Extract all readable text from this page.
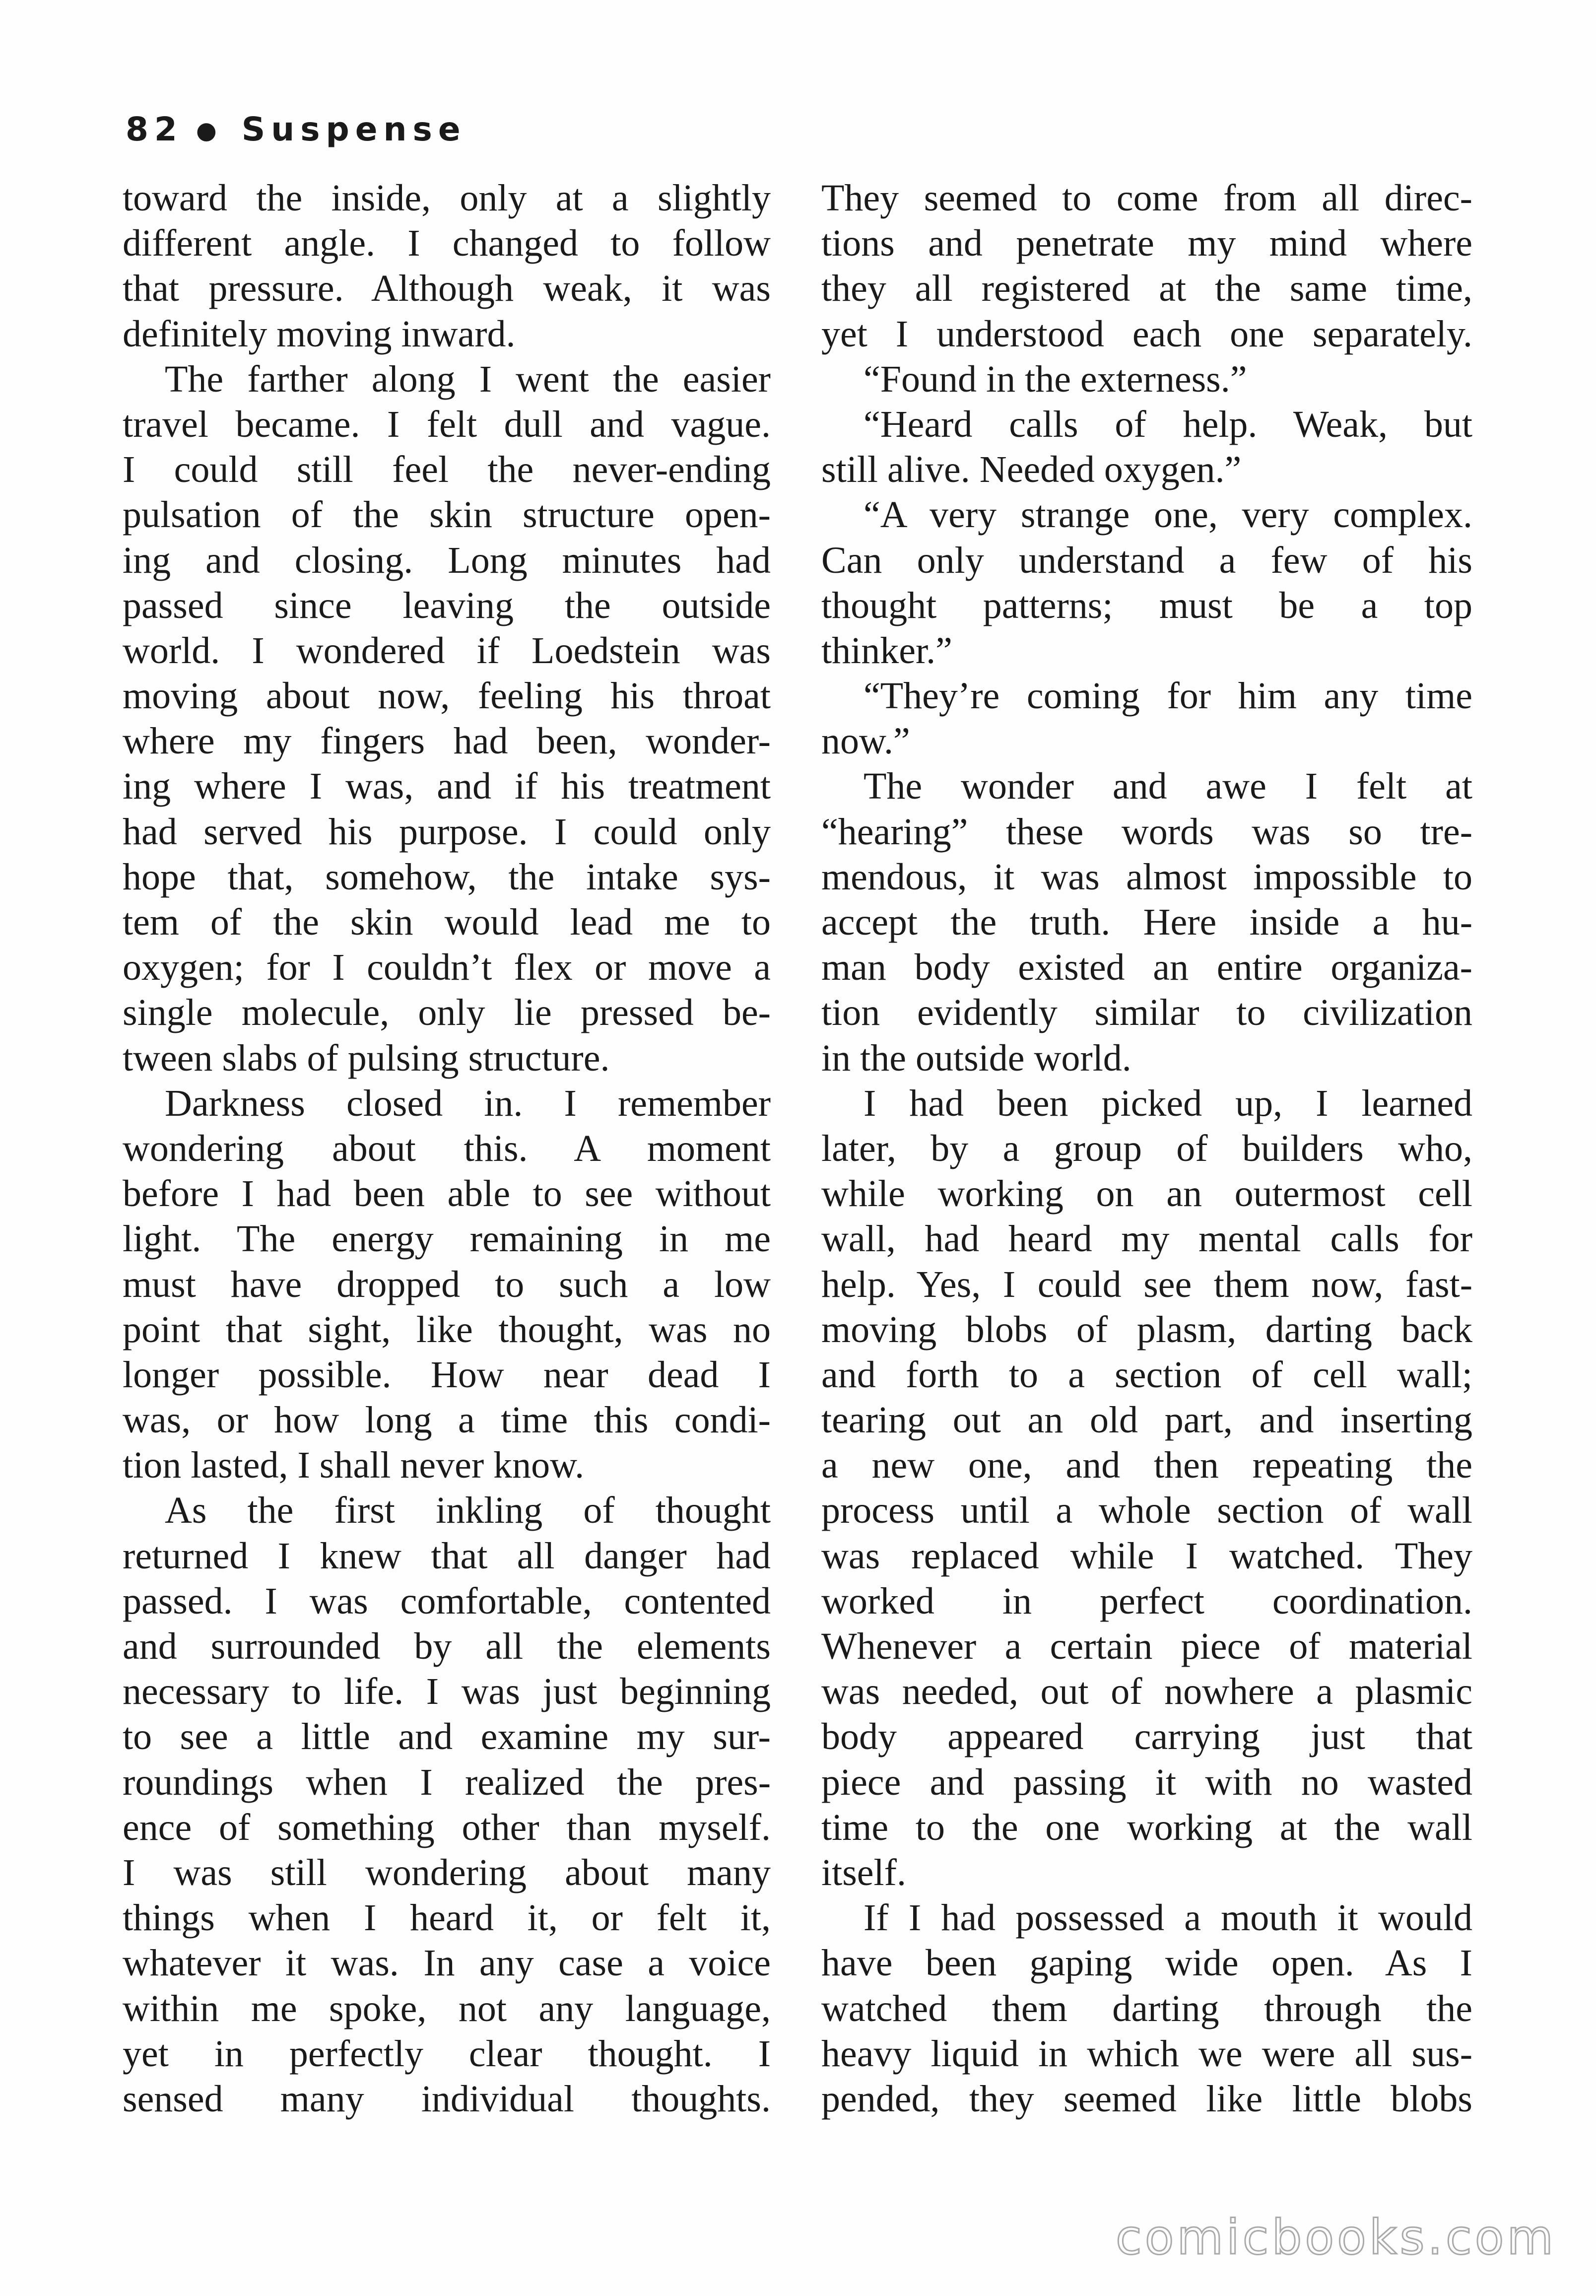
82 ● Suspense
toward the inside, only at a slightly
different angle. I changed to follow
that pressure. Although weak, it was
definitely moving inward.
The farther along I went the easier
travel became. I felt dull and vague.
I could still feel the never-ending
pulsation of the skin structure open-
ing and closing. Long minutes had
passed since leaving the outside
world. I wondered if Loedstein was
moving about now, feeling his throat
where my fingers had been, wonder-
ing where I was, and if his treatment
had served his purpose. I could only
hope that, somehow, the intake sys-
tem of the skin would lead me to
oxygen; for I couldn’t flex or move a
single molecule, only lie pressed be-
tween slabs of pulsing structure.
Darkness closed in. I remember
wondering about this. A moment
before I had been able to see without
light. The energy remaining in me
must have dropped to such a low
point that sight, like thought, was no
longer possible. How near dead I
was, or how long a time this condi-
tion lasted, I shall never know.
As the first inkling of thought
returned I knew that all danger had
passed. I was comfortable, contented
and surrounded by all the elements
necessary to life. I was just beginning
to see a little and examine my sur-
roundings when I realized the pres-
ence of something other than myself.
I was still wondering about many
things when I heard it, or felt it,
whatever it was. In any case a voice
within me spoke, not any language,
yet in perfectly clear thought. I
sensed many individual thoughts.
They seemed to come from all direc-
tions and penetrate my mind where
they all registered at the same time,
yet I understood each one separately.
“Found in the externess.”
“Heard calls of help. Weak, but
still alive. Needed oxygen.”
“A very strange one, very complex.
Can only understand a few of his
thought patterns; must be a top
thinker.”
“They’re coming for him any time
now.”
The wonder and awe I felt at
“hearing” these words was so tre-
mendous, it was almost impossible to
accept the truth. Here inside a hu-
man body existed an entire organiza-
tion evidently similar to civilization
in the outside world.
I had been picked up, I learned
later, by a group of builders who,
while working on an outermost cell
wall, had heard my mental calls for
help. Yes, I could see them now, fast-
moving blobs of plasm, darting back
and forth to a section of cell wall;
tearing out an old part, and inserting
a new one, and then repeating the
process until a whole section of wall
was replaced while I watched. They
worked in perfect coordination.
Whenever a certain piece of material
was needed, out of nowhere a plasmic
body appeared carrying just that
piece and passing it with no wasted
time to the one working at the wall
itself.
If I had possessed a mouth it would
have been gaping wide open. As I
watched them darting through the
heavy liquid in which we were all sus-
pended, they seemed like little blobs
comicbooks.com
